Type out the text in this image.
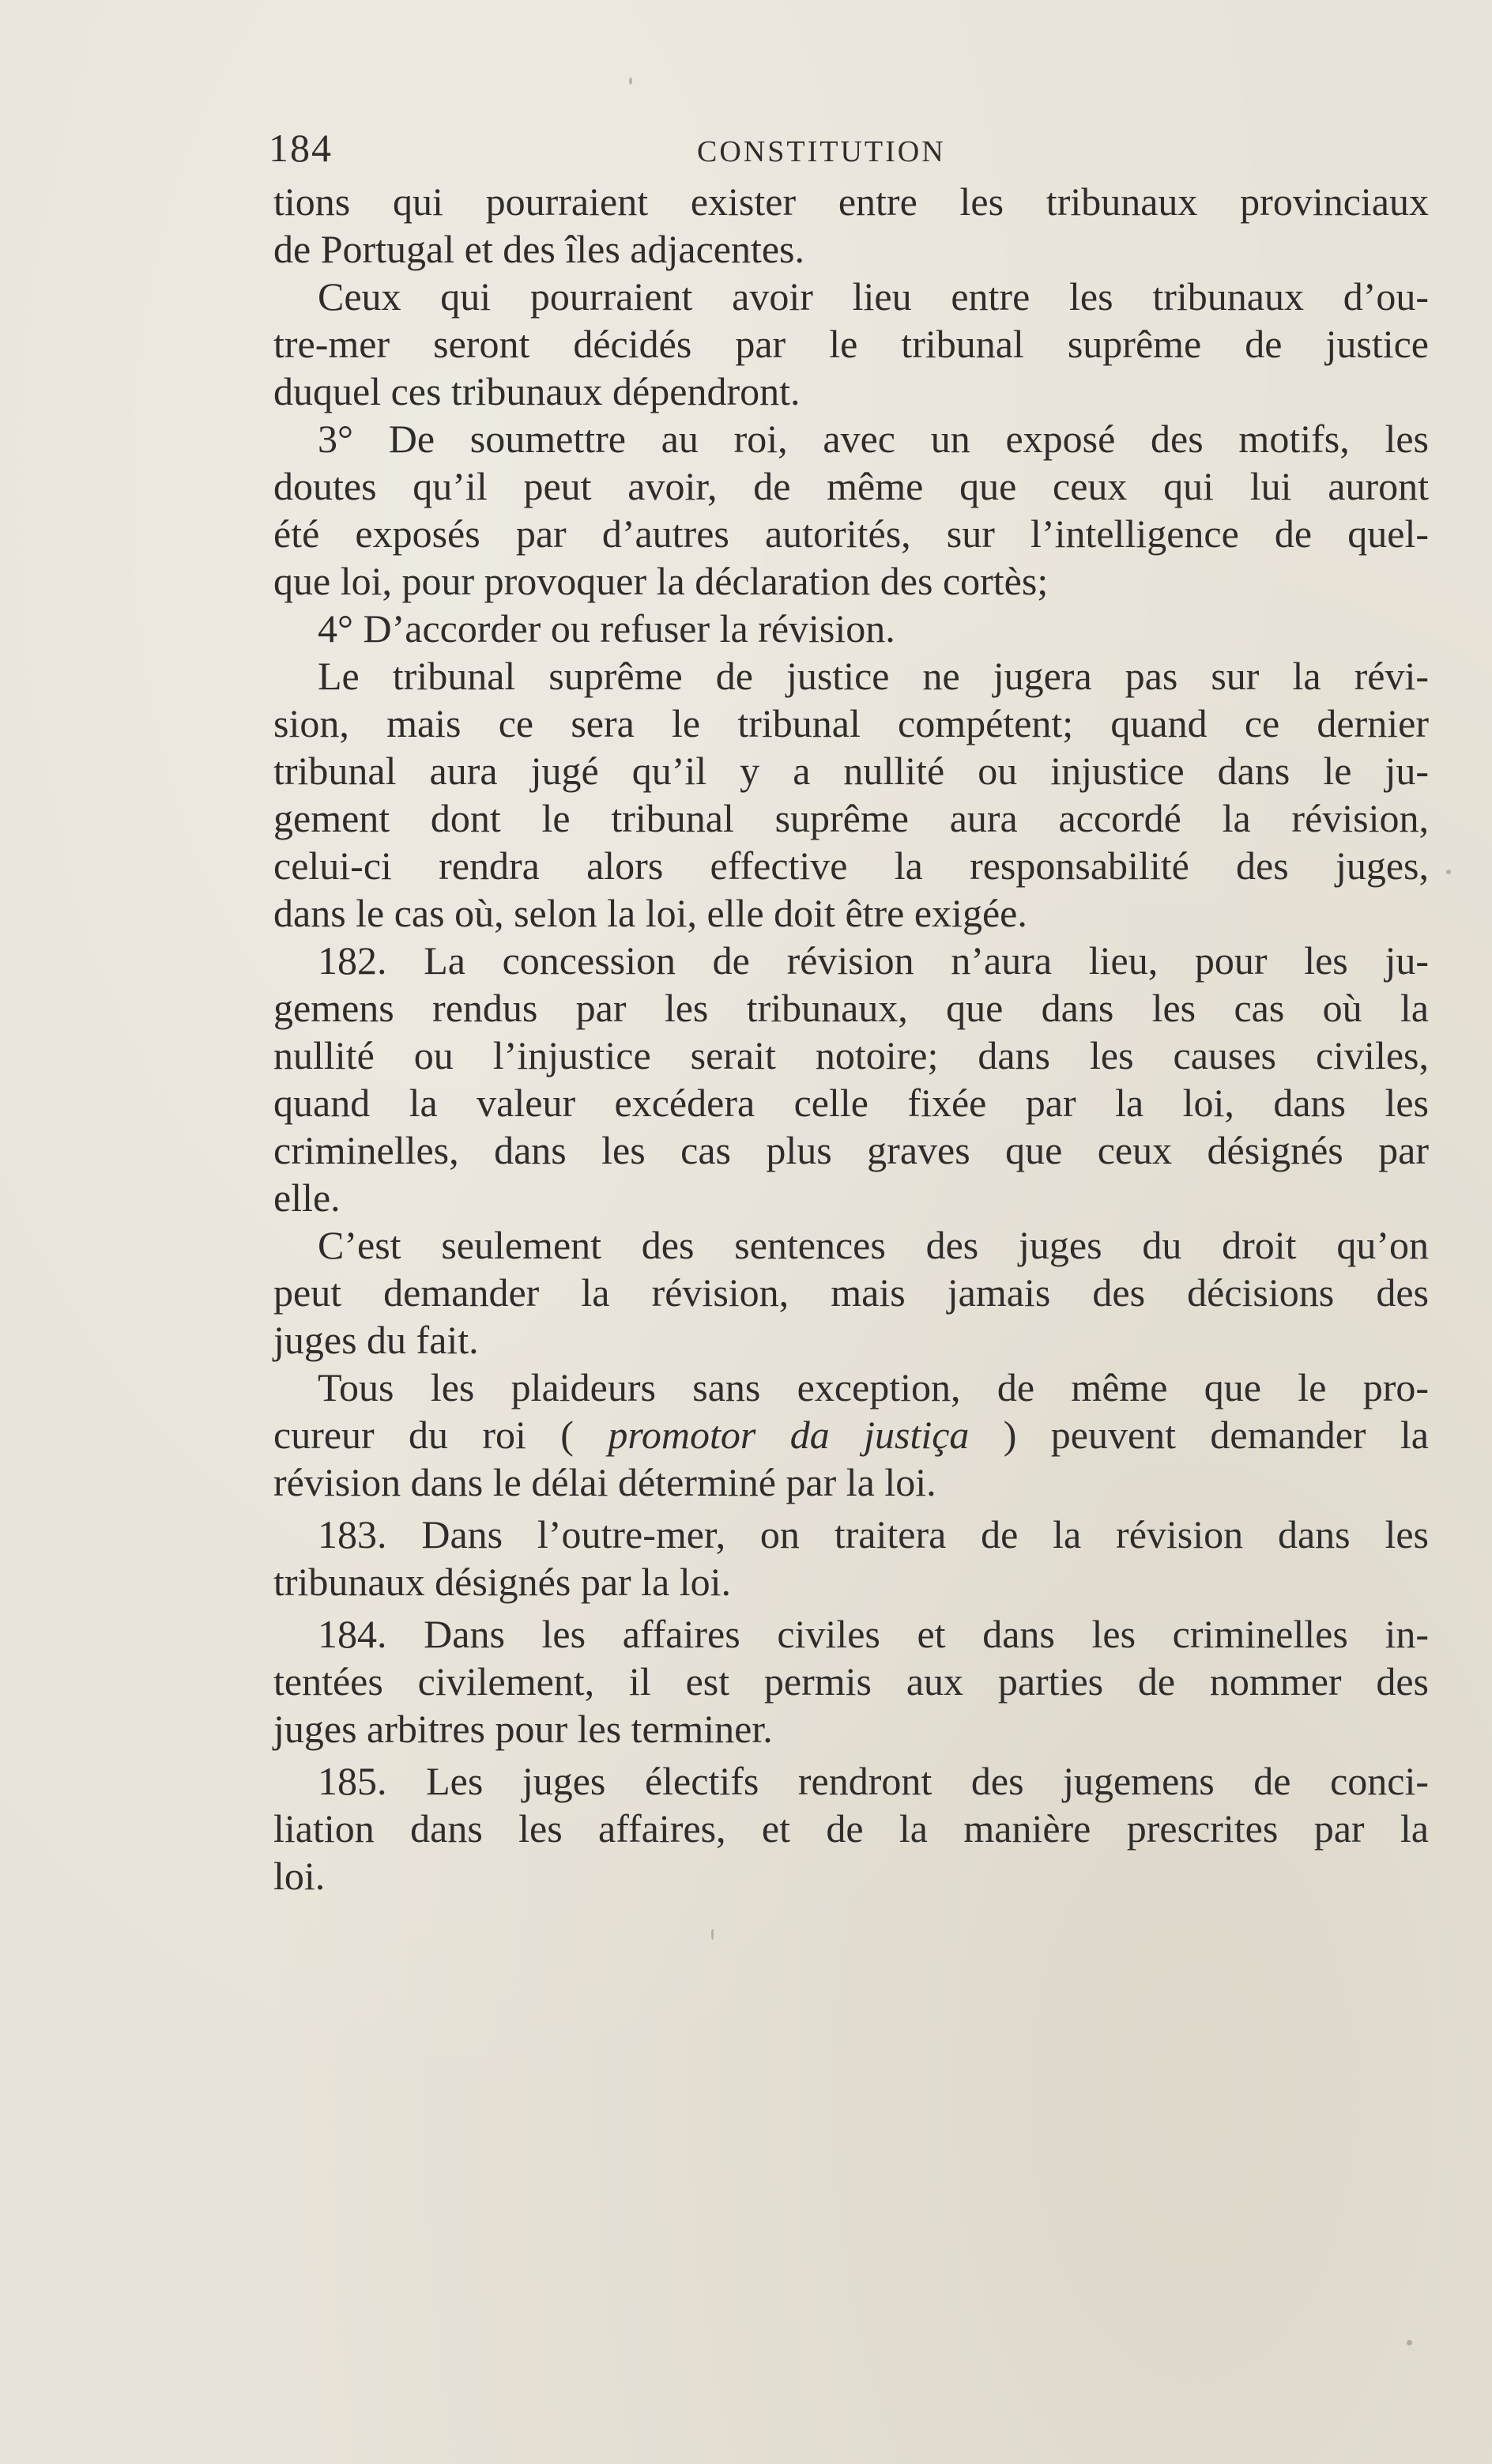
184	CONSTITUTION
tions qui pourraient exister entre les tribunaux provinciaux
de Portugal et des îles adjacentes.
Ceux qui pourraient avoir lieu entre les tribunaux d’ou-
tre-mer seront décidés par le tribunal suprême de justice
duquel ces tribunaux dépendront.
3° De soumettre au roi, avec un exposé des motifs, les
doutes qu’il peut avoir, de même que ceux qui lui auront
été exposés par d’autres autorités, sur l’intelligence de quel-
que loi, pour provoquer la déclaration des cortès;
4° D’accorder ou refuser la révision.
Le tribunal suprême de justice ne jugera pas sur la révi-
sion, mais ce sera le tribunal compétent; quand ce dernier
tribunal aura jugé qu’il y a nullité ou injustice dans le ju-
gement dont le tribunal suprême aura accordé la révision,
celui-ci rendra alors effective la responsabilité des juges,
dans le cas où, selon la loi, elle doit être exigée.
182. La concession de révision n’aura lieu, pour les ju-
gemens rendus par les tribunaux, que dans les cas où la
nullité ou l’injustice serait notoire; dans les causes civiles,
quand la valeur excédera celle fixée par la loi, dans les
criminelles, dans les cas plus graves que ceux désignés par
elle.
C’est seulement des sentences des juges du droit qu’on
peut demander la révision, mais jamais des décisions des
juges du fait.
Tous les plaideurs sans exception, de même que le pro-
cureur du roi ( promotor da justiça ) peuvent demander la
révision dans le délai déterminé par la loi.
183. Dans l’outre-mer, on traitera de la révision dans les
tribunaux désignés par la loi.
184. Dans les affaires civiles et dans les criminelles in-
tentées civilement, il est permis aux parties de nommer des
juges arbitres pour les terminer.
185. Les juges électifs rendront des jugemens de conci-
liation dans les affaires, et de la manière prescrites par la
loi.
